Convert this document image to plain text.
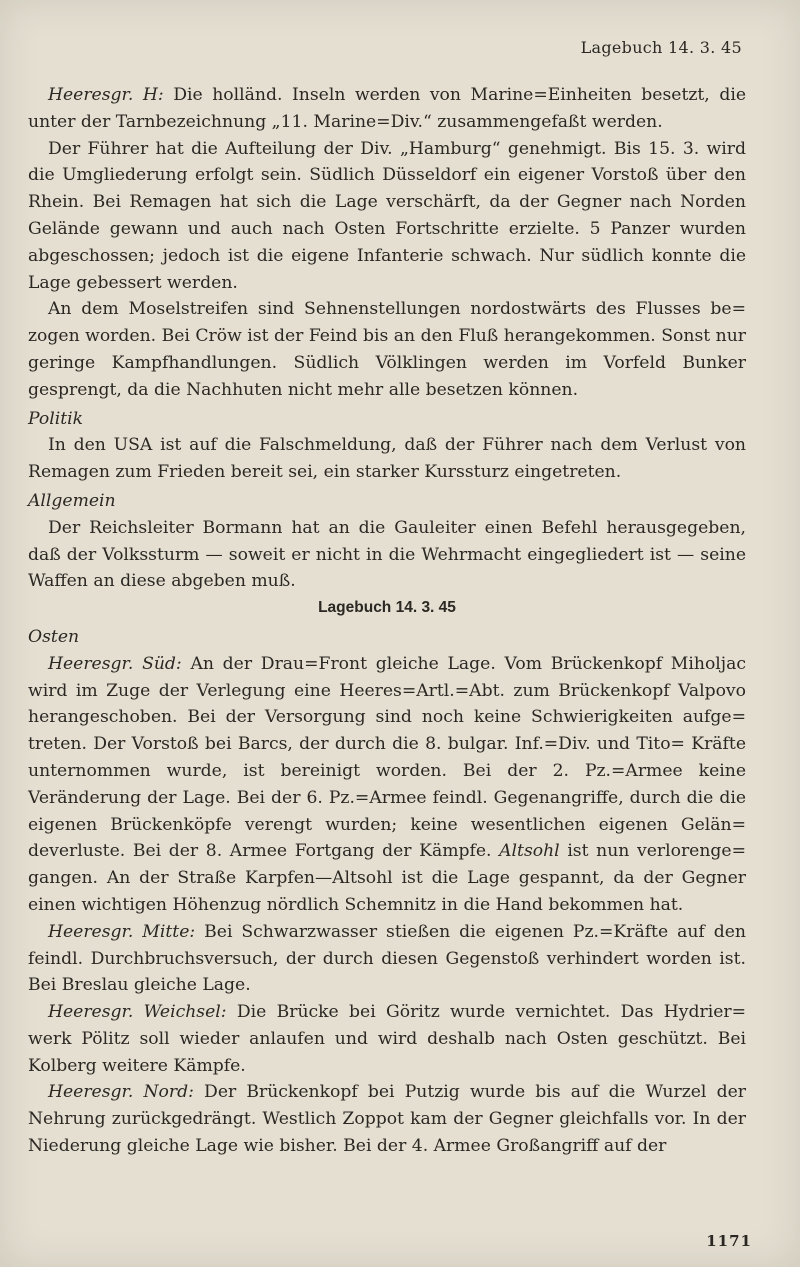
Lagebuch 14. 3. 45

Heeresgr. H: Die holländ. Inseln werden von Marine=Einheiten besetzt, die unter der Tarnbezeichnung „11. Marine=Div.“ zusammengefaßt werden.

Der Führer hat die Aufteilung der Div. „Hamburg“ genehmigt. Bis 15. 3. wird die Umgliederung erfolgt sein. Südlich Düsseldorf ein eigener Vorstoß über den Rhein. Bei Remagen hat sich die Lage verschärft, da der Gegner nach Norden Gelände gewann und auch nach Osten Fortschritte erzielte. 5 Panzer wurden abgeschossen; jedoch ist die eigene Infanterie schwach. Nur südlich konnte die Lage gebessert werden.

An dem Moselstreifen sind Sehnenstellungen nordostwärts des Flusses be= zogen worden. Bei Cröw ist der Feind bis an den Fluß herangekommen. Sonst nur geringe Kampfhandlungen. Südlich Völklingen werden im Vorfeld Bunker gesprengt, da die Nachhuten nicht mehr alle besetzen können.

Politik

In den USA ist auf die Falschmeldung, daß der Führer nach dem Verlust von Remagen zum Frieden bereit sei, ein starker Kurssturz eingetreten.

Allgemein

Der Reichsleiter Bormann hat an die Gauleiter einen Befehl herausgegeben, daß der Volkssturm — soweit er nicht in die Wehrmacht eingegliedert ist — seine Waffen an diese abgeben muß.

Lagebuch 14. 3. 45

Osten

Heeresgr. Süd: An der Drau=Front gleiche Lage. Vom Brückenkopf Miholjac wird im Zuge der Verlegung eine Heeres=Artl.=Abt. zum Brückenkopf Valpovo herangeschoben. Bei der Versorgung sind noch keine Schwierigkeiten aufge= treten. Der Vorstoß bei Barcs, der durch die 8. bulgar. Inf.=Div. und Tito= Kräfte unternommen wurde, ist bereinigt worden. Bei der 2. Pz.=Armee keine Veränderung der Lage. Bei der 6. Pz.=Armee feindl. Gegenangriffe, durch die die eigenen Brückenköpfe verengt wurden; keine wesentlichen eigenen Gelän= deverluste. Bei der 8. Armee Fortgang der Kämpfe. Altsohl ist nun verlorenge= gangen. An der Straße Karpfen—Altsohl ist die Lage gespannt, da der Gegner einen wichtigen Höhenzug nördlich Schemnitz in die Hand bekommen hat.

Heeresgr. Mitte: Bei Schwarzwasser stießen die eigenen Pz.=Kräfte auf den feindl. Durchbruchsversuch, der durch diesen Gegenstoß verhindert worden ist. Bei Breslau gleiche Lage.

Heeresgr. Weichsel: Die Brücke bei Göritz wurde vernichtet. Das Hydrier= werk Pölitz soll wieder anlaufen und wird deshalb nach Osten geschützt. Bei Kolberg weitere Kämpfe.

Heeresgr. Nord: Der Brückenkopf bei Putzig wurde bis auf die Wurzel der Nehrung zurückgedrängt. Westlich Zoppot kam der Gegner gleichfalls vor. In der Niederung gleiche Lage wie bisher. Bei der 4. Armee Großangriff auf der

1171
